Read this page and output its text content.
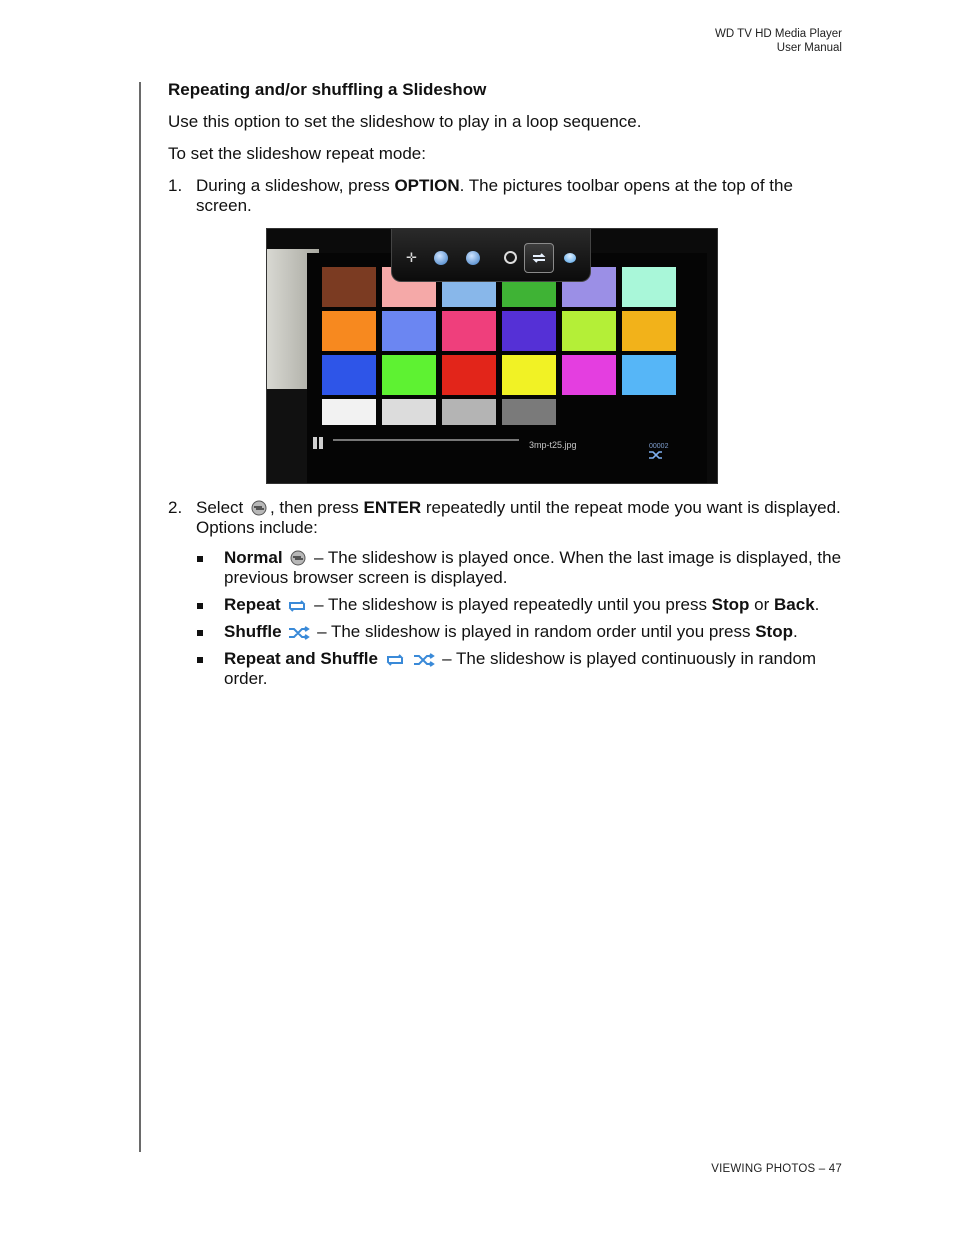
WD TV HD Media Player
User Manual
Repeating and/or shuffling a Slideshow

Use this option to set the slideshow to play in a loop sequence.

To set the slideshow repeat mode:

1. During a slideshow, press OPTION. The pictures toolbar opens at the top of the screen.
✛
3mp-t25.jpg	00002
2. Select , then press ENTER repeatedly until the repeat mode you want is displayed. Options include:
Normal  – The slideshow is played once. When the last image is displayed, the previous browser screen is displayed.
Repeat  – The slideshow is played repeatedly until you press Stop or Back.
Shuffle  – The slideshow is played in random order until you press Stop.
Repeat and Shuffle	– The slideshow is played continuously in random order.
VIEWING PHOTOS – 47
